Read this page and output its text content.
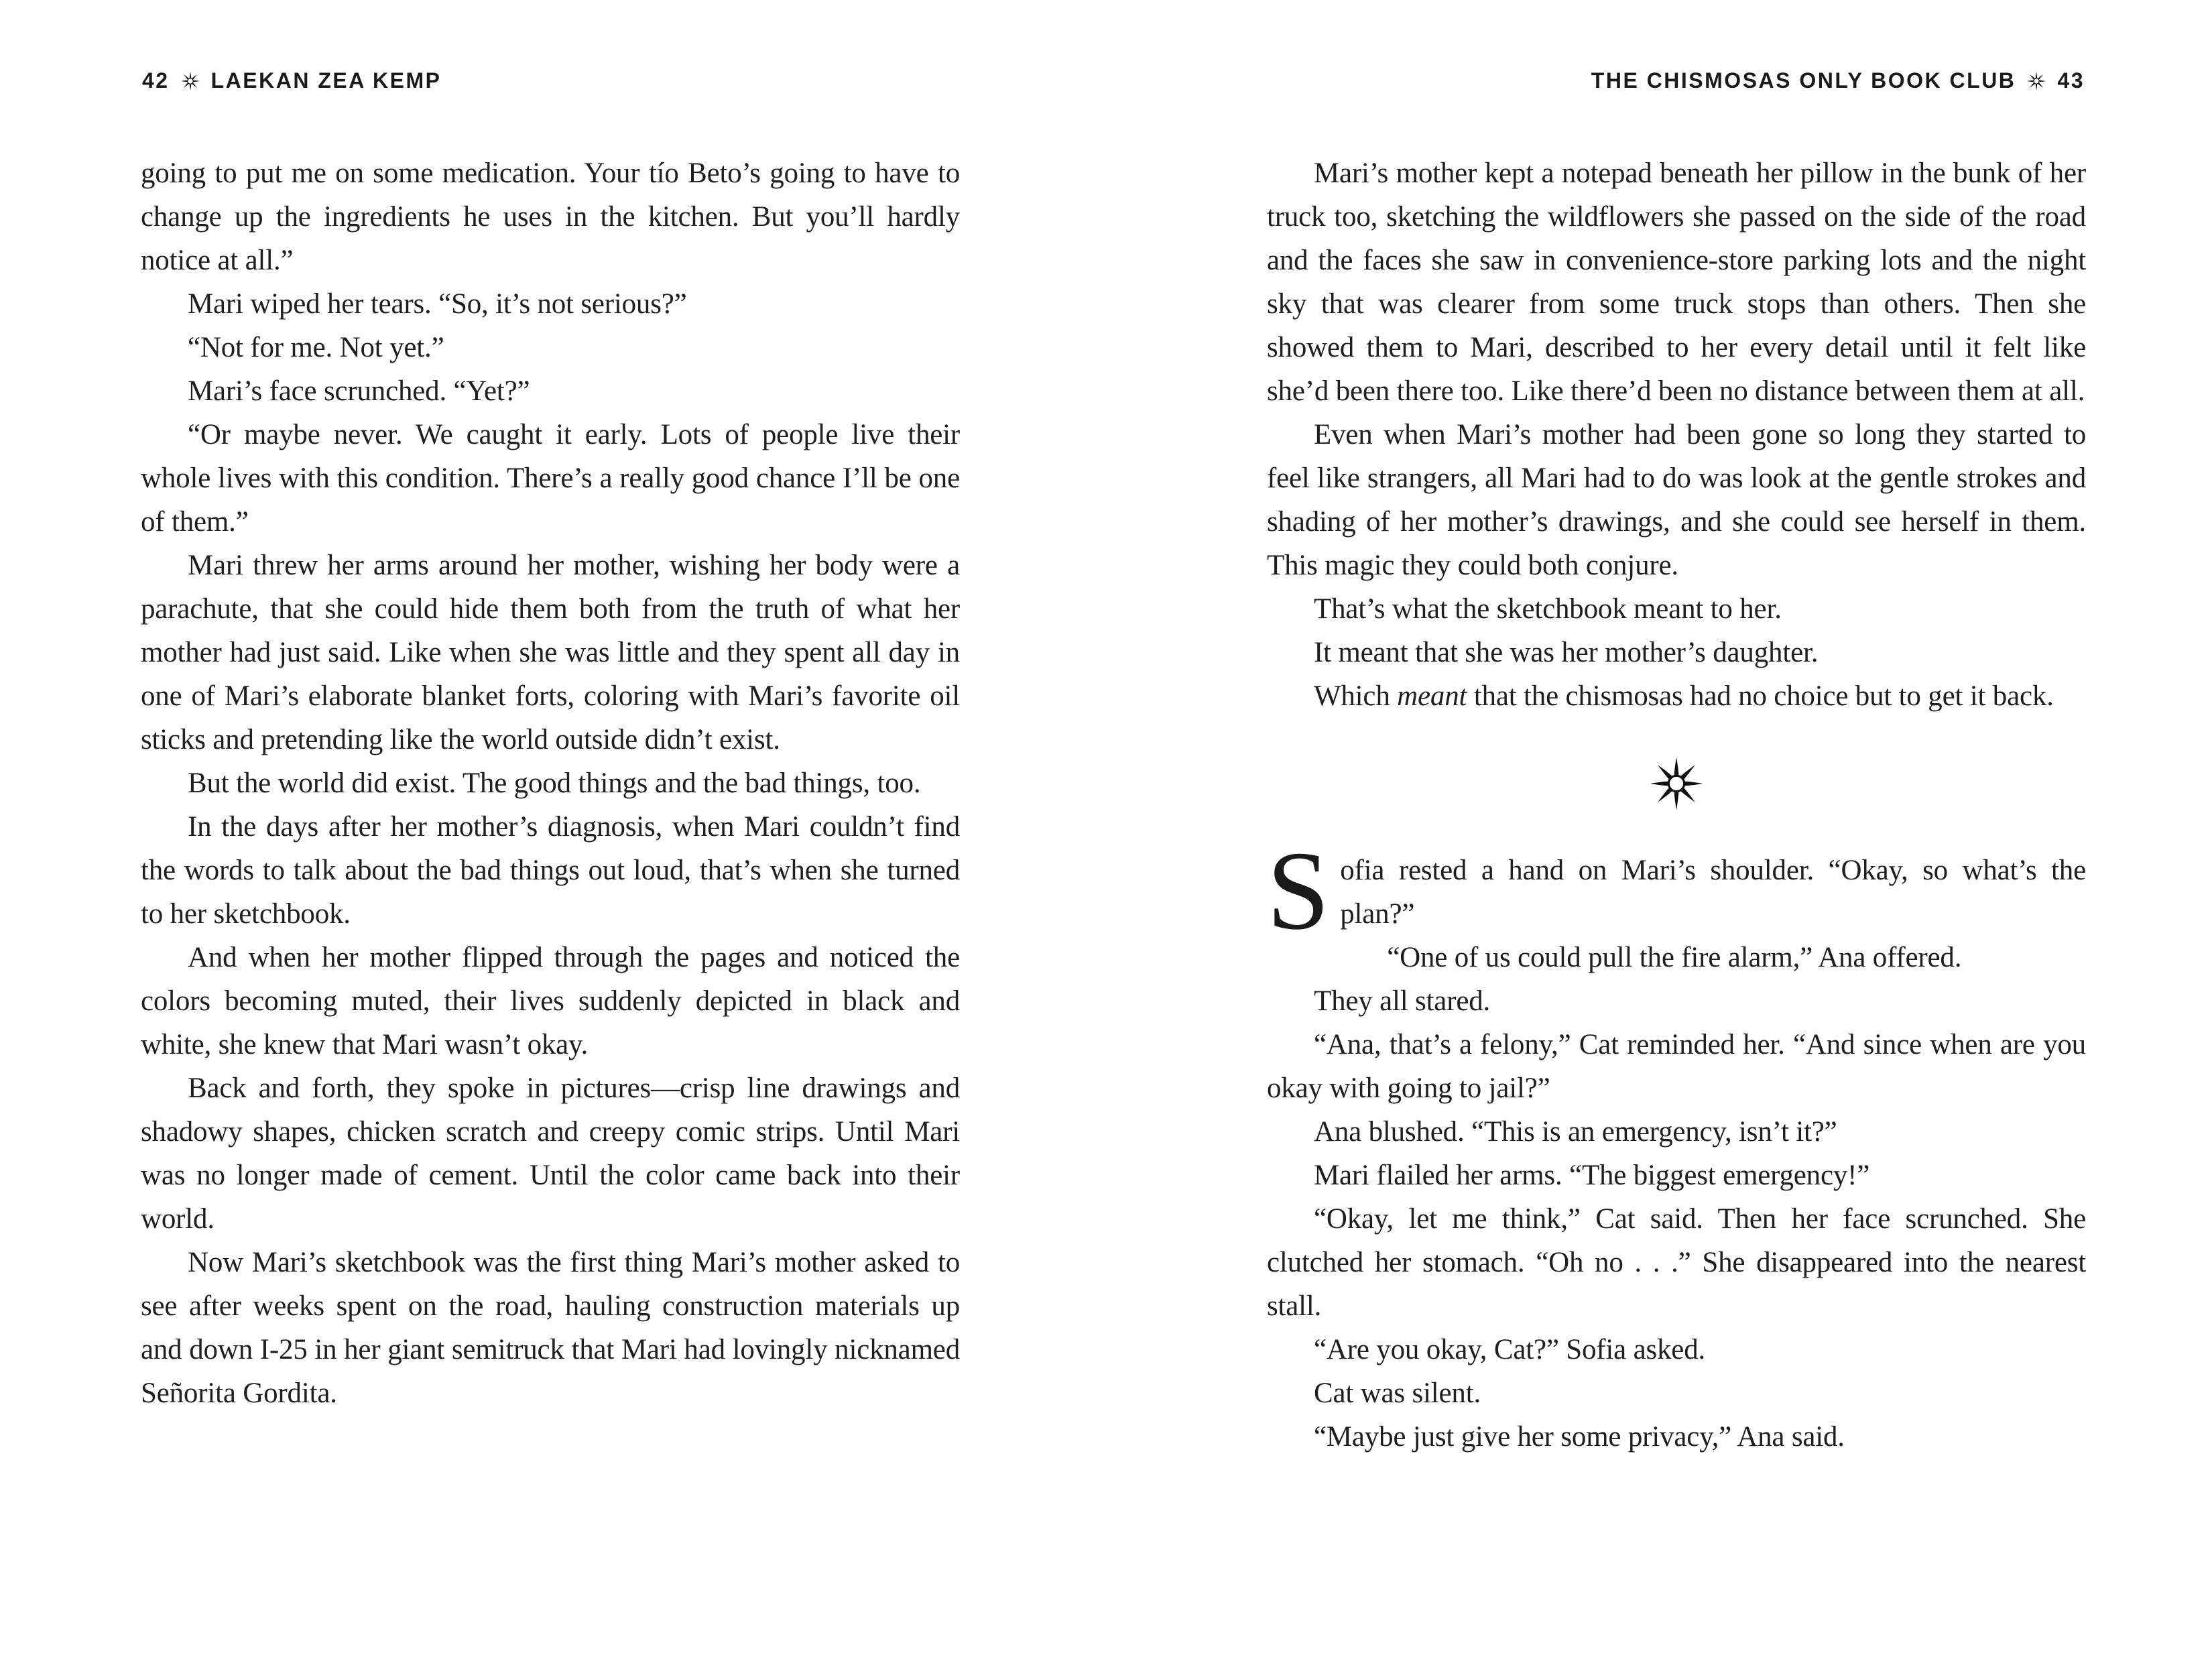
42 LAEKAN ZEA KEMP

going to put me on some medication. Your tío Beto’s going to have to change up the ingredients he uses in the kitchen. But you’ll hardly notice at all.”

Mari wiped her tears. “So, it’s not serious?”

“Not for me. Not yet.”

Mari’s face scrunched. “Yet?”

“Or maybe never. We caught it early. Lots of people live their whole lives with this condition. There’s a really good chance I’ll be one of them.”

Mari threw her arms around her mother, wishing her body were a parachute, that she could hide them both from the truth of what her mother had just said. Like when she was little and they spent all day in one of Mari’s elaborate blanket forts, coloring with Mari’s favorite oil sticks and pretending like the world outside didn’t exist.

But the world did exist. The good things and the bad things, too.

In the days after her mother’s diagnosis, when Mari couldn’t find the words to talk about the bad things out loud, that’s when she turned to her sketchbook.

And when her mother flipped through the pages and noticed the colors becoming muted, their lives suddenly depicted in black and white, she knew that Mari wasn’t okay.

Back and forth, they spoke in pictures—crisp line drawings and shadowy shapes, chicken scratch and creepy comic strips. Until Mari was no longer made of cement. Until the color came back into their world.

Now Mari’s sketchbook was the first thing Mari’s mother asked to see after weeks spent on the road, hauling construction materials up and down I-25 in her giant semitruck that Mari had lovingly nicknamed Señorita Gordita.

THE CHISMOSAS ONLY BOOK CLUB 43

Mari’s mother kept a notepad beneath her pillow in the bunk of her truck too, sketching the wildflowers she passed on the side of the road and the faces she saw in convenience-store parking lots and the night sky that was clearer from some truck stops than others. Then she showed them to Mari, described to her every detail until it felt like she’d been there too. Like there’d been no distance between them at all.

Even when Mari’s mother had been gone so long they started to feel like strangers, all Mari had to do was look at the gentle strokes and shading of her mother’s drawings, and she could see herself in them. This magic they could both conjure.

That’s what the sketchbook meant to her.

It meant that she was her mother’s daughter.

Which meant that the chismosas had no choice but to get it back.

S ofia rested a hand on Mari’s shoulder. “Okay, so what’s the plan?”

“One of us could pull the fire alarm,” Ana offered.

They all stared.

“Ana, that’s a felony,” Cat reminded her. “And since when are you okay with going to jail?”

Ana blushed. “This is an emergency, isn’t it?”

Mari flailed her arms. “The biggest emergency!”

“Okay, let me think,” Cat said. Then her face scrunched. She clutched her stomach. “Oh no . . .” She disappeared into the nearest stall.

“Are you okay, Cat?” Sofia asked.

Cat was silent.

“Maybe just give her some privacy,” Ana said.
